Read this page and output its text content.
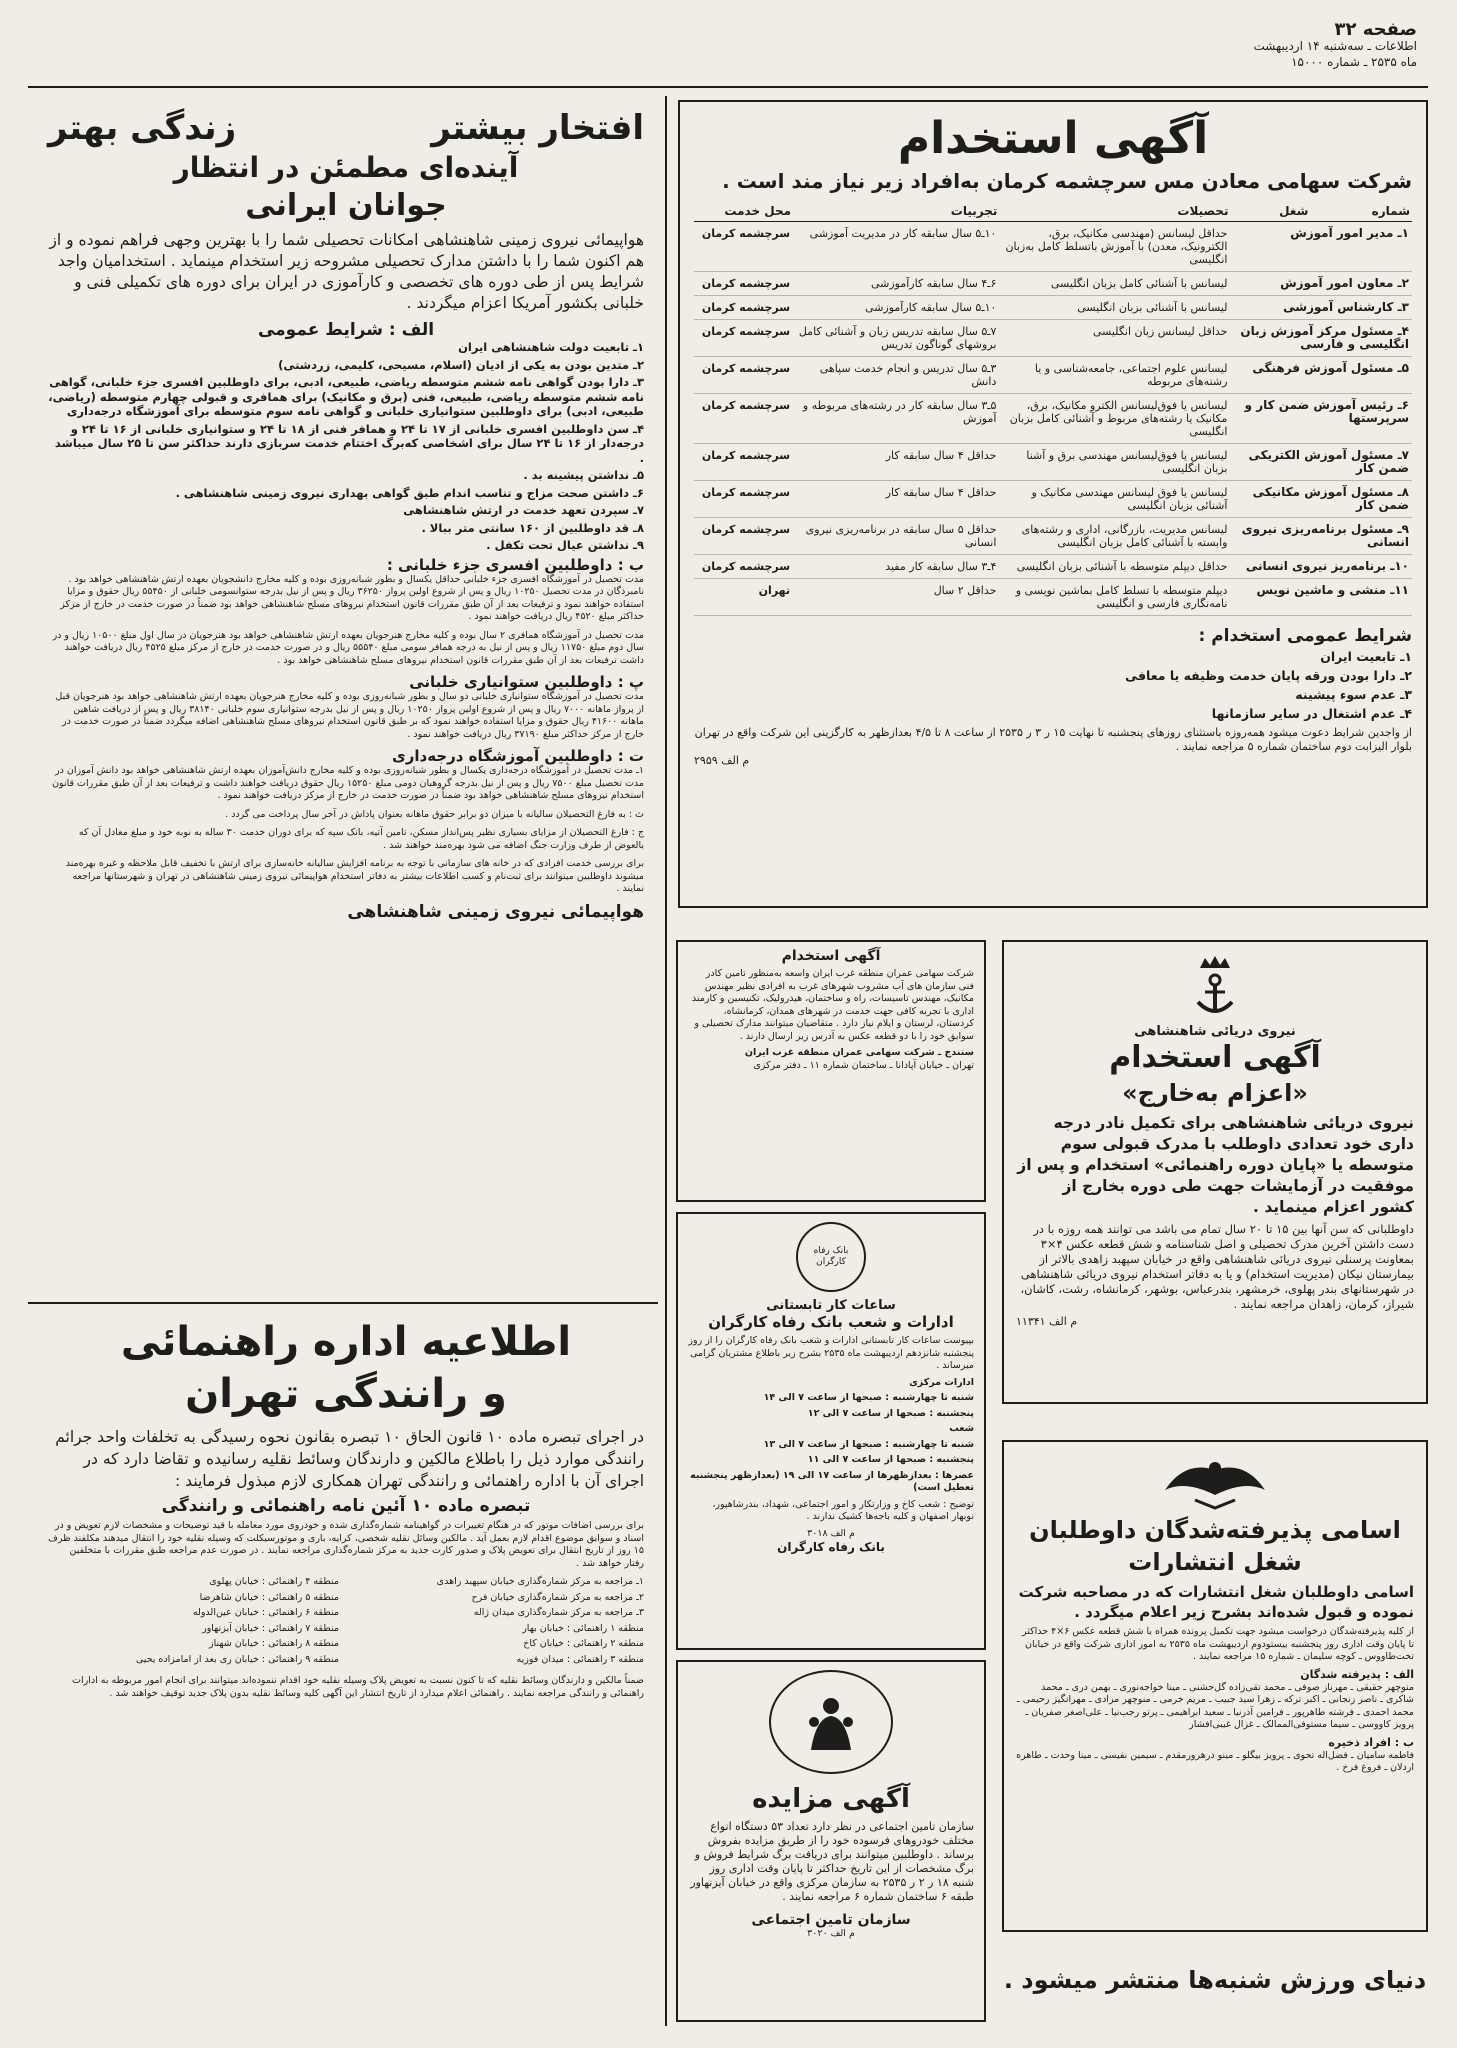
صفحه ۳۲
اطلاعات ـ سه‌شنبه ۱۴ اردیبهشت
ماه ۲۵۳۵ ـ شماره ۱۵۰۰۰
آگهی استخدام
شرکت سهامی معادن مس سرچشمه کرمان به‌افراد زیر نیاز مند است .
شماره	شغل	تحصیلات	تجربیات	محل خدمت
۱ـ مدیر امور آموزش		حداقل لیسانس (مهندسی مکانیک، برق، الکترونیک، معدن) با آموزش باتسلط کامل به‌زبان انگلیسی	۱۰ـ۵ سال سابقه کار در مدیریت آموزشی	سرچشمه کرمان
۲ـ معاون امور آموزش		لیسانس با آشنائی کامل بزبان انگلیسی	۶ـ۴ سال سابقه کارآموزشی	سرچشمه کرمان
۳ـ کارشناس آموزشی		لیسانس با آشنائی بزبان انگلیسی	۱۰ـ۵ سال سابقه کارآموزشی	سرچشمه کرمان
۴ـ مسئول مرکز آموزش زبان انگلیسی و فارسی		حداقل لیسانس زبان انگلیسی	۷ـ۵ سال سابقه تدریس زبان و آشنائی کامل بروشهای گوناگون تدریس	سرچشمه کرمان
۵ـ مسئول آموزش فرهنگی		لیسانس علوم اجتماعی، جامعه‌شناسی و یا رشته‌های مربوطه	۳ـ۵ سال تدریس و انجام خدمت سپاهی دانش	سرچشمه کرمان
۶ـ رئیس آموزش ضمن کار و سرپرستها		لیسانس یا فوق‌لیسانس الکترو مکانیک، برق، مکانیک یا رشته‌های مربوط و آشنائی کامل بزبان انگلیسی	۵ـ۳ سال سابقه کار در رشته‌های مربوطه و آموزش	سرچشمه کرمان
۷ـ مسئول آموزش الکتریکی ضمن کار		لیسانس یا فوق‌لیسانس مهندسی برق و آشنا بزبان انگلیسی	حداقل ۴ سال سابقه کار	سرچشمه کرمان
۸ـ مسئول آموزش مکانیکی ضمن کار		لیسانس یا فوق لیسانس مهندسی مکانیک و آشنائی بزبان انگلیسی	حداقل ۴ سال سابقه کار	سرچشمه کرمان
۹ـ مسئول برنامه‌ریزی نیروی انسانی		لیسانس مدیریت، بازرگانی، اداری و رشته‌های وابسته با آشنائی کامل بزبان انگلیسی	حداقل ۵ سال سابقه در برنامه‌ریزی نیروی انسانی	سرچشمه کرمان
۱۰ـ برنامه‌ریز نیروی انسانی		حداقل دیپلم متوسطه با آشنائی بزبان انگلیسی	۴ـ۳ سال سابقه کار مفید	سرچشمه کرمان
۱۱ـ منشی و ماشین نویس		دیپلم متوسطه با تسلط کامل بماشین نویسی و نامه‌نگاری فارسی و انگلیسی	حداقل ۲ سال	تهران
شرایط عمومی استخدام :
۱ـ تابعیت ایران
۲ـ دارا بودن ورقه پایان خدمت وظیفه یا معافی
۳ـ عدم سوء پیشینه
۴ـ عدم اشتغال در سایر سازمانها
از واجدین شرایط دعوت میشود همه‌روزه باستثنای روزهای پنجشنبه تا نهایت ۱۵ ر ۳ ر ۲۵۳۵ از ساعت ۸ تا ۴/۵ بعدازظهر به کارگزینی این شرکت واقع در تهران بلوار الیزابت دوم ساختمان شماره ۵ مراجعه نمایند .
م الف ۲۹۵۹
افتخار بیشتر
زندگی بهتر
آینده‌ای مطمئن در انتظار
جوانان ایرانی
هواپیمائی نیروی زمینی شاهنشاهی امکانات تحصیلی شما را با بهترین وجهی فراهم نموده و از هم اکنون شما را با داشتن مدارک تحصیلی مشروحه زیر استخدام مینماید . استخدامیان واجد شرایط پس از طی دوره های تخصصی و کارآموزی در ایران برای دوره های تکمیلی فنی و خلبانی بکشور آمریکا اعزام میگردند .
الف : شرایط عمومی
۱ـ تابعیت دولت شاهنشاهی ایران
۲ـ متدین بودن به یکی از ادیان (اسلام، مسیحی، کلیمی، زردشتی)
۳ـ دارا بودن گواهی نامه ششم متوسطه ریاضی، طبیعی، ادبی، برای داوطلبین افسری جزء خلبانی، گواهی نامه ششم متوسطه ریاضی، طبیعی، فنی (برق و مکانیک) برای همافری و قبولی چهارم متوسطه (ریاضی، طبیعی، ادبی) برای داوطلبین ستوانیاری خلبانی و گواهی نامه سوم متوسطه برای آموزشگاه درجه‌داری
۴ـ سن داوطلبین افسری خلبانی از ۱۷ تا ۲۴ و همافر فنی از ۱۸ تا ۲۴ و ستوانیاری خلبانی از ۱۶ تا ۲۴ و درجه‌دار از ۱۶ تا ۲۴ سال برای اشخاصی که‌برگ اختتام خدمت سربازی دارند حداکثر سن تا ۲۵ سال میباشد .
۵ـ نداشتن پیشینه بد .
۶ـ داشتن صحت مزاج و تناسب اندام طبق گواهی بهداری نیروی زمینی شاهنشاهی .
۷ـ سپردن تعهد خدمت در ارتش شاهنشاهی
۸ـ قد داوطلبین از ۱۶۰ سانتی متر ببالا .
۹ـ نداشتن عیال تحت تکفل .
ب : داوطلبین افسری جزء خلبانی :
مدت تحصیل در آموزشگاه افسری جزء خلبانی حداقل یکسال و بطور شبانه‌روزی بوده و کلیه مخارج دانشجویان بعهده ارتش شاهنشاهی خواهد بود . نامبردگان در مدت تحصیل ۱۰۲۵۰ ریال و پس از شروع اولین پرواز ۳۶۲۵۰ ریال و پس از نیل بدرجه ستوانسومی خلبانی از ۵۵۴۵۰ ریال حقوق و مزایا استفاده خواهند نمود و ترفیعات بعد از آن طبق مقررات قانون استخدام نیروهای مسلح شاهنشاهی خواهد بود ضمناً در صورت خدمت در خارج از مرکز حداکثر مبلغ ۴۵۲۰ ریال دریافت خواهند نمود .
مدت تحصیل در آموزشگاه همافری ۲ سال بوده و کلیه مخارج هنرجویان بعهده ارتش شاهنشاهی خواهد بود هنرجویان در سال اول مبلغ ۱۰۵۰۰ ریال و در سال دوم مبلغ ۱۱۷۵۰ ریال و پس از نیل به درجه همافر سومی مبلغ ۵۵۵۴۰ ریال و در صورت خدمت در خارج از مرکز مبلغ ۴۵۲۵ ریال دریافت خواهند داشت ترفیعات بعد از آن طبق مقررات قانون استخدام نیروهای مسلح شاهنشاهی خواهد بود .
پ : داوطلبین ستوانیاری خلبانی
مدت تحصیل در آموزشگاه ستوانیاری خلبانی دو سال و بطور شبانه‌روزی بوده و کلیه مخارج هنرجویان بعهده ارتش شاهنشاهی خواهد بود هنرجویان قبل از پرواز ماهانه ۷۰۰۰ ریال و پس از شروع اولین پرواز ۱۰۲۵۰ ریال و پس از نیل بدرجه ستوانیاری سوم خلبانی ۳۸۱۴۰ ریال و پس از دریافت شاهین ماهانه ۴۱۶۰۰ ریال حقوق و مزایا استفاده خواهند نمود که بر طبق قانون استخدام نیروهای مسلح شاهنشاهی اضافه میگردد ضمناً در صورت خدمت در خارج از مرکز حداکثر مبلغ ۳۷۱۹۰ ریال دریافت خواهند نمود .
ت : داوطلبین آموزشگاه درجه‌داری
۱ـ مدت تحصیل در آموزشگاه درجه‌داری یکسال و بطور شبانه‌روزی بوده و کلیه مخارج دانش‌آموزان بعهده ارتش شاهنشاهی خواهد بود دانش آموزان در مدت تحصیل مبلغ ۷۵۰۰ ریال و پس از نیل بدرجه گروهبان دومی مبلغ ۱۵۲۵۰ ریال حقوق دریافت خواهند داشت و ترفیعات بعد از آن طبق مقررات قانون استخدام نیروهای مسلح شاهنشاهی خواهد بود ضمناً در صورت خدمت در خارج از مرکز دریافت خواهند نمود .
ث : به فارغ التحصیلان سالیانه با میزان دو برابر حقوق ماهانه بعنوان پاداش در آخر سال پرداخت می گردد .
ج : فارغ التحصیلان از مزایای بسیاری نظیر پس‌انداز مسکن، تامین آتیه، بانک سپه که برای دوران خدمت ۳۰ ساله به نوبه خود و مبلغ معادل آن که بالعوض از طرف وزارت جنگ اضافه می شود بهره‌مند خواهند شد .
برای بررسی خدمت افرادی که در خانه های سازمانی با توجه به برنامه افزایش سالیانه خانه‌سازی برای ارتش با تخفیف قابل ملاحظه و غیره بهره‌مند میشوند داوطلبین میتوانند برای ثبت‌نام و کسب اطلاعات بیشتر به دفاتر استخدام هواپیمائی نیروی زمینی شاهنشاهی در تهران و شهرستانها مراجعه نمایند .
هواپیمائی نیروی زمینی شاهنشاهی
نیروی دریائی شاهنشاهی
آگهی استخدام
«اعزام به‌خارج»
نیروی دریائی شاهنشاهی برای تکمیل نادر درجه داری خود تعدادی داوطلب با مدرک قبولی سوم متوسطه یا «پایان دوره راهنمائی» استخدام و پس از موفقیت در آزمایشات جهت طی دوره بخارج از کشور اعزام مینماید .
داوطلبانی که سن آنها بین ۱۵ تا ۲۰ سال تمام می باشد می توانند همه روزه با در دست داشتن آخرین مدرک تحصیلی و اصل شناسنامه و شش قطعه عکس ۴×۳ بمعاونت پرسنلی نیروی دریائی شاهنشاهی واقع در خیابان سپهبد زاهدی بالاتر از بیمارستان نیکان (مدیریت استخدام) و یا به دفاتر استخدام نیروی دریائی شاهنشاهی در شهرستانهای بندر پهلوی، خرمشهر، بندرعباس، بوشهر، کرمانشاه، رشت، کاشان، شیراز، کرمان، زاهدان مراجعه نمایند .
م الف ۱۱۳۴۱
آگهی استخدام
شرکت سهامی عمران منطقه غرب ایران واسعه به‌منظور تامین کادر فنی سازمان های آب مشروب شهرهای غرب به افرادی نظیر مهندس مکانیک، مهندس تاسیسات، راه و ساختمان، هیدرولیک، تکنیسین و کارمند اداری با تجربه کافی جهت خدمت در شهرهای همدان، کرمانشاه، کردستان، لرستان و ایلام نیاز دارد . متقاضیان میتوانند مدارک تحصیلی و سوابق خود را با دو قطعه عکس به آدرس زیر ارسال دارند .
سنندج ـ شرکت سهامی عمران منطقه غرب ایران
تهران ـ خیابان آپادانا ـ ساختمان شماره ۱۱ ـ دفتر مرکزی
بانک رفاه کارگران
ساعات کار تابستانی
ادارات و شعب بانک رفاه کارگران
بپیوست ساعات کار تابستانی ادارات و شعب بانک رفاه کارگران را از روز پنجشنبه شانزدهم اردیبهشت ماه ۲۵۳۵ بشرح زیر باطلاع مشتریان گرامی میرساند .
ادارات مرکزی
شنبه تا چهارشنبه : صبحها از ساعت ۷ الی ۱۴
پنجشنبه : صبحها از ساعت ۷ الی ۱۲
شعب
شنبه تا چهارشنبه : صبحها از ساعت ۷ الی ۱۳
پنجشنبه : صبحها از ساعت ۷ الی ۱۱
عصرها : بعدازظهرها از ساعت ۱۷ الی ۱۹ (بعدازظهر پنجشنبه تعطیل است)
توضیح : شعب کاخ و وزارتکار و امور اجتماعی، شهداد، بندرشاهپور، نوبهار اصفهان و کلیه باجه‌ها کشیک ندارند .
م الف ۳۰۱۸
بانک رفاه کارگران
آگهی مزایده
سازمان تامین اجتماعی در نظر دارد تعداد ۵۳ دستگاه انواع مختلف خودروهای فرسوده خود را از طریق مزایده بفروش برساند . داوطلبین میتوانند برای دریافت برگ شرایط فروش و برگ مشخصات از این تاریخ حداکثر تا پایان وقت اداری روز شنبه ۱۸ ر ۲ ر ۲۵۳۵ به سازمان مرکزی واقع در خیابان آیزنهاور طبقه ۶ ساختمان شماره ۶ مراجعه نمایند .
سازمان تامین اجتماعی
م الف ۳۰۲۰
اطلاعیه اداره راهنمائی
و رانندگی تهران
در اجرای تبصره ماده ۱۰ قانون الحاق ۱۰ تبصره بقانون نحوه رسیدگی به تخلفات واحد جرائم رانندگی موارد ذیل را باطلاع مالکین و دارندگان وسائط نقلیه رسانیده و تقاضا دارد که در اجرای آن با اداره راهنمائی و رانندگی تهران همکاری لازم مبذول فرمایند :
تبصره ماده ۱۰ آئین نامه راهنمائی و رانندگی
برای بررسی اضافات موتور که در هنگام تغییرات در گواهینامه شماره‌گذاری شده و خودروی مورد معامله با قید توضیحات و مشخصات لازم تعویض و در اسناد و سوابق موضوع اقدام لازم بعمل آید . مالکین وسائل نقلیه شخصی، کرایه، باری و موتورسیکلت که وسیله نقلیه خود را انتقال میدهند مکلفند ظرف ۱۵ روز از تاریخ انتقال برای تعویض پلاک و صدور کارت جدید به مرکز شماره‌گذاری مراجعه نمایند . در صورت عدم مراجعه طبق مقررات با متخلفین رفتار خواهد شد .
۱ـ مراجعه به مرکز شماره‌گذاری خیابان سپهبد زاهدی
۲ـ مراجعه به مرکز شماره‌گذاری خیابان فرح
۳ـ مراجعه به مرکز شماره‌گذاری میدان ژاله
منطقه ۱ راهنمائی : خیابان بهار
منطقه ۲ راهنمائی : خیابان کاخ
منطقه ۳ راهنمائی : میدان فوزیه
منطقه ۴ راهنمائی : خیابان پهلوی
منطقه ۵ راهنمائی : خیابان شاهرضا
منطقه ۶ راهنمائی : خیابان عین‌الدوله
منطقه ۷ راهنمائی : خیابان آیزنهاور
منطقه ۸ راهنمائی : خیابان شهناز
منطقه ۹ راهنمائی : خیابان ری بعد از امامزاده یحیی
ضمناً مالکین و دارندگان وسائط نقلیه که تا کنون نسبت به تعویض پلاک وسیله نقلیه خود اقدام ننموده‌اند میتوانند برای انجام امور مربوطه به ادارات راهنمائی و رانندگی مراجعه نمایند . راهنمائی اعلام میدارد از تاریخ انتشار این آگهی کلیه وسائط نقلیه بدون پلاک جدید توقیف خواهند شد .
اسامی پذیرفته‌شدگان داوطلبان
شغل انتشارات
اسامی داوطلبان شغل انتشارات که در مصاحبه شرکت نموده و قبول شده‌اند بشرح زیر اعلام میگردد .
از کلیه پذیرفته‌شدگان درخواست میشود جهت تکمیل پرونده همراه با شش قطعه عکس ۶×۴ حداکثر تا پایان وقت اداری روز پنجشنبه بیستودوم اردیبهشت ماه ۲۵۳۵ به امور اداری شرکت واقع در خیابان تخت‌طاووس ـ کوچه سلیمان ـ شماره ۱۵ مراجعه نمایند .
الف : پذیرفته شدگان
منوچهر حقیقی ـ مهرناز صوفی ـ محمد تقی‌زاده گل‌حشنی ـ مینا خواجه‌نوری ـ بهمن دری ـ محمد شاکری ـ ناصر زنجانی ـ اکبر ترکه ـ زهرا سید جبیب ـ مریم خرمی ـ منوچهر مرادی ـ مهرانگیز رحیمی ـ محمد احمدی ـ فرشته طاهرپور ـ فرامین آذرنیا ـ سعید ابراهیمی ـ پرتو رجب‌نیا ـ علی‌اصغر صفریان ـ پرویز کاووسی ـ سیما مستوفی‌الممالک ـ غزال غیبی‌افشار
ب : افراد ذخیره
فاطمه سامیان ـ فضل‌اله تحوی ـ پرویز بیگلو ـ مینو درهرورمقدم ـ سیمین نفیسی ـ مینا وحدت ـ طاهره اردلان ـ فروغ فرخ .
دنیای ورزش شنبه‌ها منتشر میشود .
